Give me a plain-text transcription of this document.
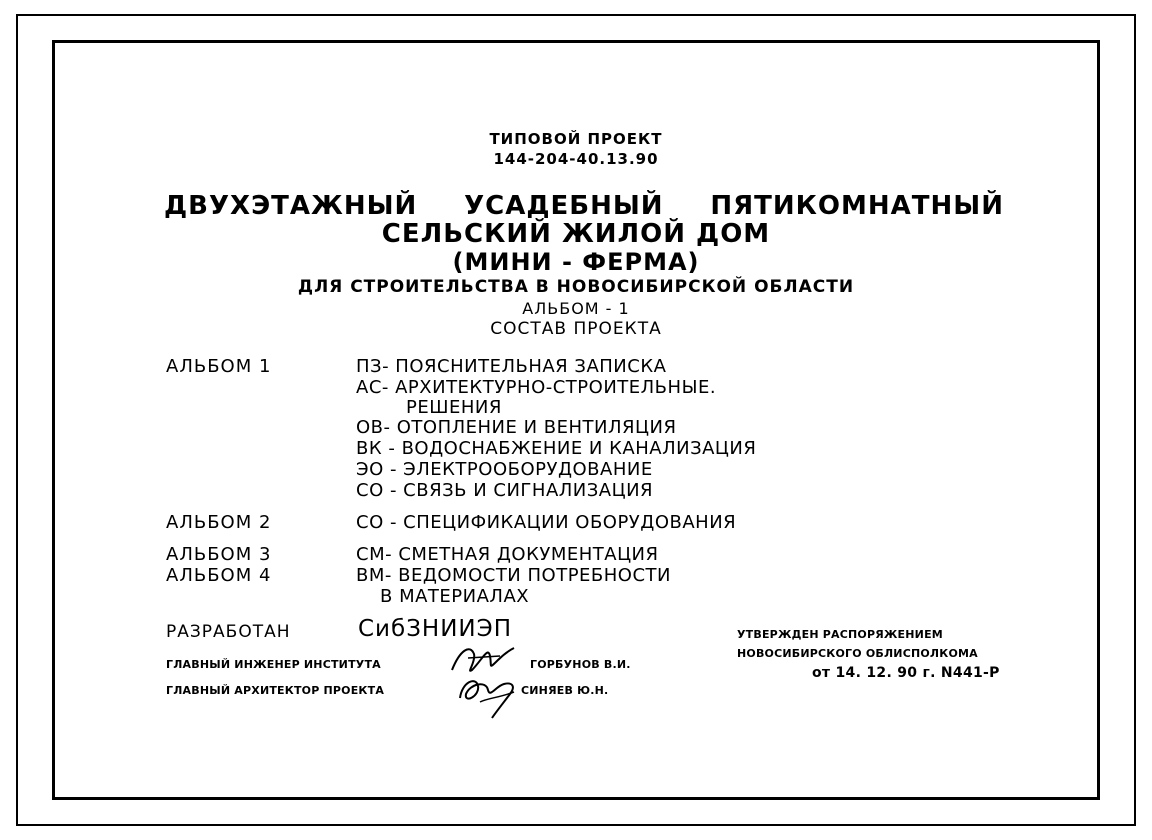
ТИПОВОЙ ПРОЕКТ
144-204-40.13.90
ДВУХЭТАЖНЫЙ УСАДЕБНЫЙ ПЯТИКОМНАТНЫЙ
СЕЛЬСКИЙ ЖИЛОЙ ДОМ
(МИНИ - ФЕРМА)
ДЛЯ СТРОИТЕЛЬСТВА В НОВОСИБИРСКОЙ ОБЛАСТИ
АЛЬБОМ - 1
СОСТАВ ПРОЕКТА
АЛЬБОМ 1	ПЗ- ПОЯСНИТЕЛЬНАЯ ЗАПИСКА
АС- АРХИТЕКТУРНО-СТРОИТЕЛЬНЫЕ.
РЕШЕНИЯ
ОВ- ОТОПЛЕНИЕ И ВЕНТИЛЯЦИЯ
ВК - ВОДОСНАБЖЕНИЕ И КАНАЛИЗАЦИЯ
ЭО - ЭЛЕКТРООБОРУДОВАНИЕ
СО - СВЯЗЬ И СИГНАЛИЗАЦИЯ
АЛЬБОМ 2	СО - СПЕЦИФИКАЦИИ ОБОРУДОВАНИЯ
АЛЬБОМ 3	СМ- СМЕТНАЯ ДОКУМЕНТАЦИЯ
АЛЬБОМ 4	ВМ- ВЕДОМОСТИ ПОТРЕБНОСТИ
В МАТЕРИАЛАХ
РАЗРАБОТАН	СибЗНИИЭП
ГЛАВНЫЙ ИНЖЕНЕР ИНСТИТУТА	ГОРБУНОВ В.И.
ГЛАВНЫЙ АРХИТЕКТОР ПРОЕКТА	СИНЯЕВ Ю.Н.
УТВЕРЖДЕН РАСПОРЯЖЕНИЕМ
НОВОСИБИРСКОГО ОБЛИСПОЛКОМА
от 14. 12. 90 г. N441-Р
